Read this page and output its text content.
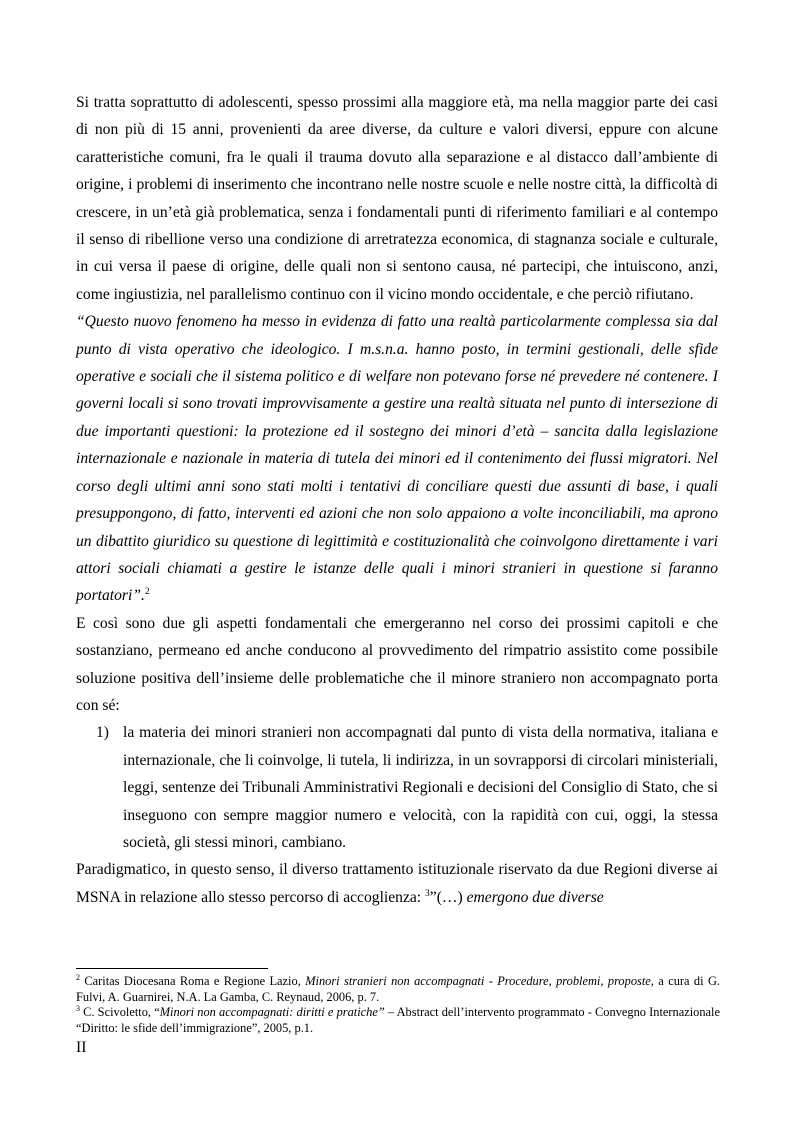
Si tratta soprattutto di adolescenti, spesso prossimi alla maggiore età, ma nella maggior parte dei casi di non più di 15 anni, provenienti da aree diverse, da culture e valori diversi, eppure con alcune caratteristiche comuni, fra le quali il trauma dovuto alla separazione e al distacco dall’ambiente di origine, i problemi di inserimento che incontrano nelle nostre scuole e nelle nostre città, la difficoltà di crescere, in un’età già problematica, senza i fondamentali punti di riferimento familiari e al contempo il senso di ribellione verso una condizione di arretratezza economica, di stagnanza sociale e culturale, in cui versa il paese di origine, delle quali non si sentono causa, né partecipi, che intuiscono, anzi, come ingiustizia, nel parallelismo continuo con il vicino mondo occidentale, e che perciò rifiutano.

“Questo nuovo fenomeno ha messo in evidenza di fatto una realtà particolarmente complessa sia dal punto di vista operativo che ideologico. I m.s.n.a. hanno posto, in termini gestionali, delle sfide operative e sociali che il sistema politico e di welfare non potevano forse né prevedere né contenere. I governi locali si sono trovati improvvisamente a gestire una realtà situata nel punto di intersezione di due importanti questioni: la protezione ed il sostegno dei minori d’età – sancita dalla legislazione internazionale e nazionale in materia di tutela dei minori ed il contenimento dei flussi migratori. Nel corso degli ultimi anni sono stati molti i tentativi di conciliare questi due assunti di base, i quali presuppongono, di fatto, interventi ed azioni che non solo appaiono a volte inconciliabili, ma aprono un dibattito giuridico su questione di legittimità e costituzionalità che coinvolgono direttamente i vari attori sociali chiamati a gestire le istanze delle quali i minori stranieri in questione si faranno portatori”.$^2$

E così sono due gli aspetti fondamentali che emergeranno nel corso dei prossimi capitoli e che sostanziano, permeano ed anche conducono al provvedimento del rimpatrio assistito come possibile soluzione positiva dell’insieme delle problematiche che il minore straniero non accompagnato porta con sé:

1) la materia dei minori stranieri non accompagnati dal punto di vista della normativa, italiana e internazionale, che li coinvolge, li tutela, li indirizza, in un sovrapporsi di circolari ministeriali, leggi, sentenze dei Tribunali Amministrativi Regionali e decisioni del Consiglio di Stato, che si inseguono con sempre maggior numero e velocità, con la rapidità con cui, oggi, la stessa società, gli stessi minori, cambiano.

Paradigmatico, in questo senso, il diverso trattamento istituzionale riservato da due Regioni diverse ai MSNA in relazione allo stesso percorso di accoglienza: $^3$”(…) emergono due diverse

$^2$ Caritas Diocesana Roma e Regione Lazio, Minori stranieri non accompagnati - Procedure, problemi, proposte, a cura di G. Fulvi, A. Guarnirei, N.A. La Gamba, C. Reynaud, 2006, p. 7.

$^3$ C. Scivoletto, “Minori non accompagnati: diritti e pratiche” – Abstract dell’intervento programmato - Convegno Internazionale “Diritto: le sfide dell’immigrazione”, 2005, p.1.

II
